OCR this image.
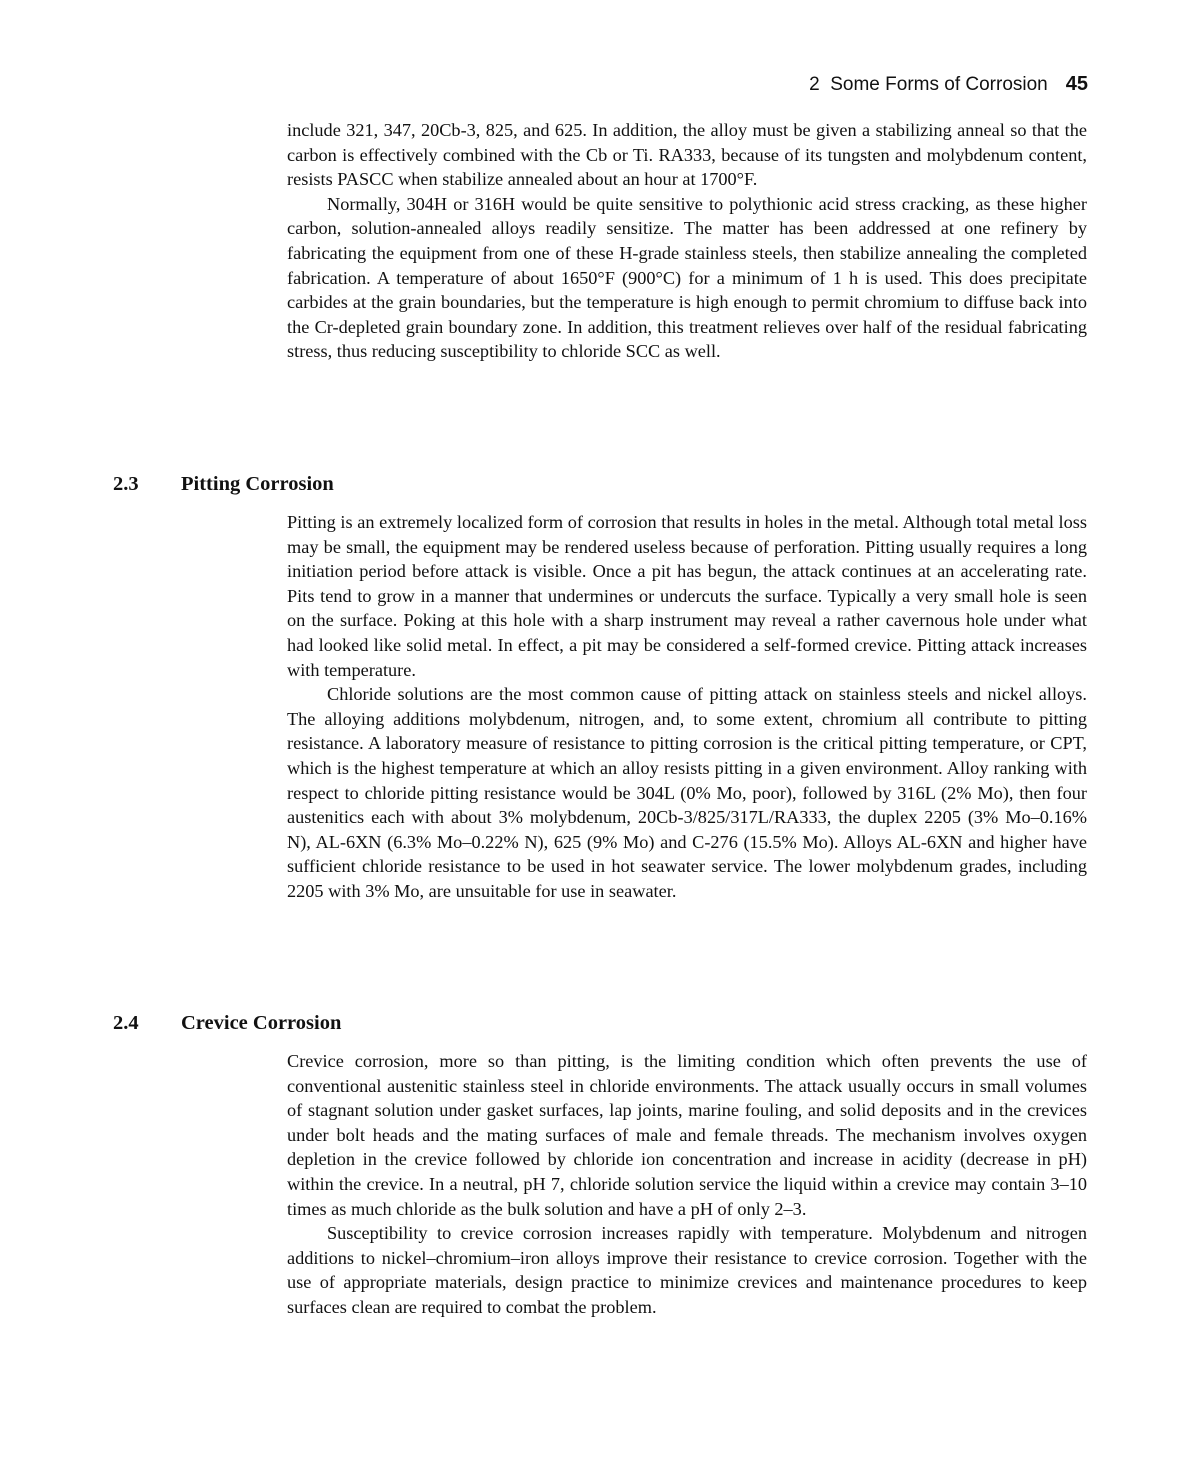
2  Some Forms of Corrosion 45

include 321, 347, 20Cb-3, 825, and 625. In addition, the alloy must be given a stabilizing anneal so that the carbon is effectively combined with the Cb or Ti. RA333, because of its tungsten and molybdenum content, resists PASCC when stabilize annealed about an hour at 1700°F.

Normally, 304H or 316H would be quite sensitive to polythionic acid stress cracking, as these higher carbon, solution-annealed alloys readily sensitize. The matter has been addressed at one refinery by fabricating the equipment from one of these H-grade stainless steels, then stabilize annealing the completed fabrication. A temperature of about 1650°F (900°C) for a minimum of 1 h is used. This does precipitate carbides at the grain boundaries, but the temperature is high enough to permit chromium to diffuse back into the Cr-depleted grain boundary zone. In addition, this treatment relieves over half of the residual fabricating stress, thus reducing susceptibility to chloride SCC as well.

2.3 Pitting Corrosion

Pitting is an extremely localized form of corrosion that results in holes in the metal. Although total metal loss may be small, the equipment may be rendered useless because of perforation. Pitting usually requires a long initiation period before attack is visible. Once a pit has begun, the attack continues at an accelerating rate. Pits tend to grow in a manner that undermines or undercuts the surface. Typically a very small hole is seen on the surface. Poking at this hole with a sharp instrument may reveal a rather cavernous hole under what had looked like solid metal. In effect, a pit may be considered a self-formed crevice. Pitting attack increases with temperature.

Chloride solutions are the most common cause of pitting attack on stainless steels and nickel alloys. The alloying additions molybdenum, nitrogen, and, to some extent, chromium all contribute to pitting resistance. A laboratory measure of resistance to pitting corrosion is the critical pitting temperature, or CPT, which is the highest temperature at which an alloy resists pitting in a given environment. Alloy ranking with respect to chloride pitting resistance would be 304L (0% Mo, poor), followed by 316L (2% Mo), then four austenitics each with about 3% molybdenum, 20Cb-3/825/317L/RA333, the duplex 2205 (3% Mo–0.16% N), AL-6XN (6.3% Mo–0.22% N), 625 (9% Mo) and C-276 (15.5% Mo). Alloys AL-6XN and higher have sufficient chloride resistance to be used in hot seawater service. The lower molybdenum grades, including 2205 with 3% Mo, are unsuitable for use in seawater.

2.4 Crevice Corrosion

Crevice corrosion, more so than pitting, is the limiting condition which often prevents the use of conventional austenitic stainless steel in chloride environments. The attack usually occurs in small volumes of stagnant solution under gasket surfaces, lap joints, marine fouling, and solid deposits and in the crevices under bolt heads and the mating surfaces of male and female threads. The mechanism involves oxygen depletion in the crevice followed by chloride ion concentration and increase in acidity (decrease in pH) within the crevice. In a neutral, pH 7, chloride solution service the liquid within a crevice may contain 3–10 times as much chloride as the bulk solution and have a pH of only 2–3.

Susceptibility to crevice corrosion increases rapidly with temperature. Molybdenum and nitrogen additions to nickel–chromium–iron alloys improve their resistance to crevice corrosion. Together with the use of appropriate materials, design practice to minimize crevices and maintenance procedures to keep surfaces clean are required to combat the problem.
